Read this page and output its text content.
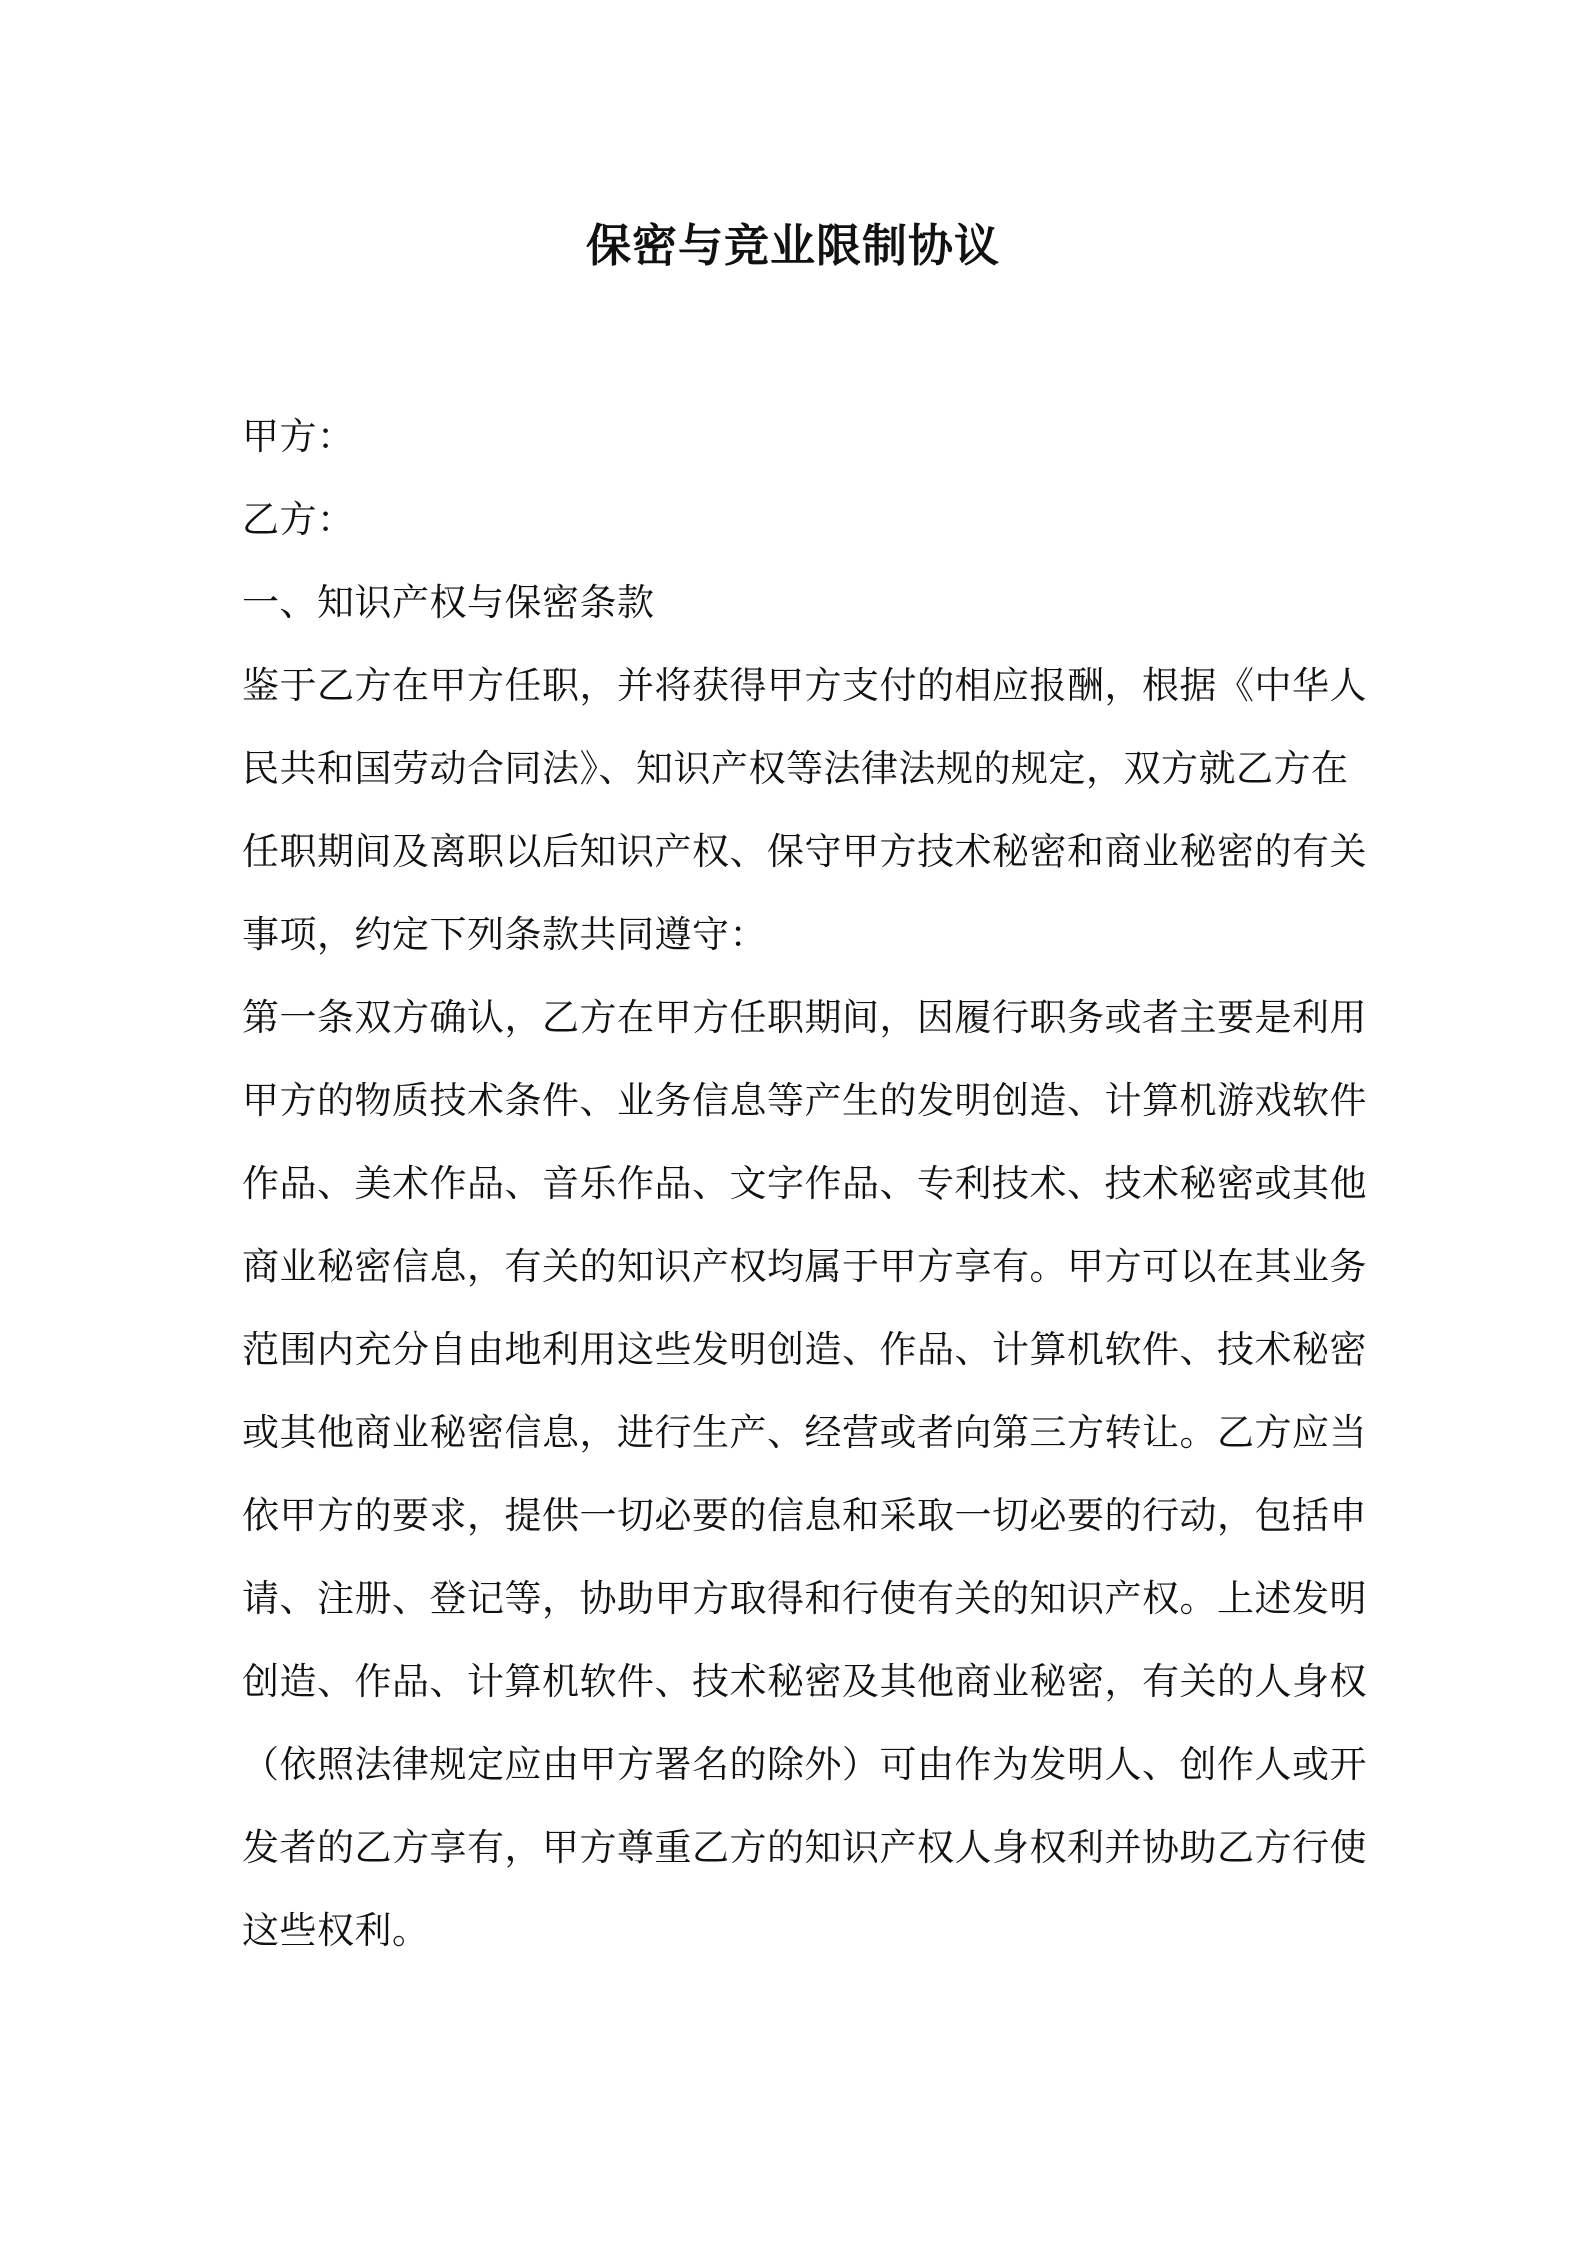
保密与竞业限制协议
甲方：
乙方：
一、知识产权与保密条款
鉴于乙方在甲方任职，并将获得甲方支付的相应报酬，根据《中华人
民共和国劳动合同法》、知识产权等法律法规的规定，双方就乙方在
任职期间及离职以后知识产权、保守甲方技术秘密和商业秘密的有关
事项，约定下列条款共同遵守：
第一条双方确认，乙方在甲方任职期间，因履行职务或者主要是利用
甲方的物质技术条件、业务信息等产生的发明创造、计算机游戏软件
作品、美术作品、音乐作品、文字作品、专利技术、技术秘密或其他
商业秘密信息，有关的知识产权均属于甲方享有。甲方可以在其业务
范围内充分自由地利用这些发明创造、作品、计算机软件、技术秘密
或其他商业秘密信息，进行生产、经营或者向第三方转让。乙方应当
依甲方的要求，提供一切必要的信息和采取一切必要的行动，包括申
请、注册、登记等，协助甲方取得和行使有关的知识产权。上述发明
创造、作品、计算机软件、技术秘密及其他商业秘密，有关的人身权
（依照法律规定应由甲方署名的除外）可由作为发明人、创作人或开
发者的乙方享有，甲方尊重乙方的知识产权人身权利并协助乙方行使
这些权利。
